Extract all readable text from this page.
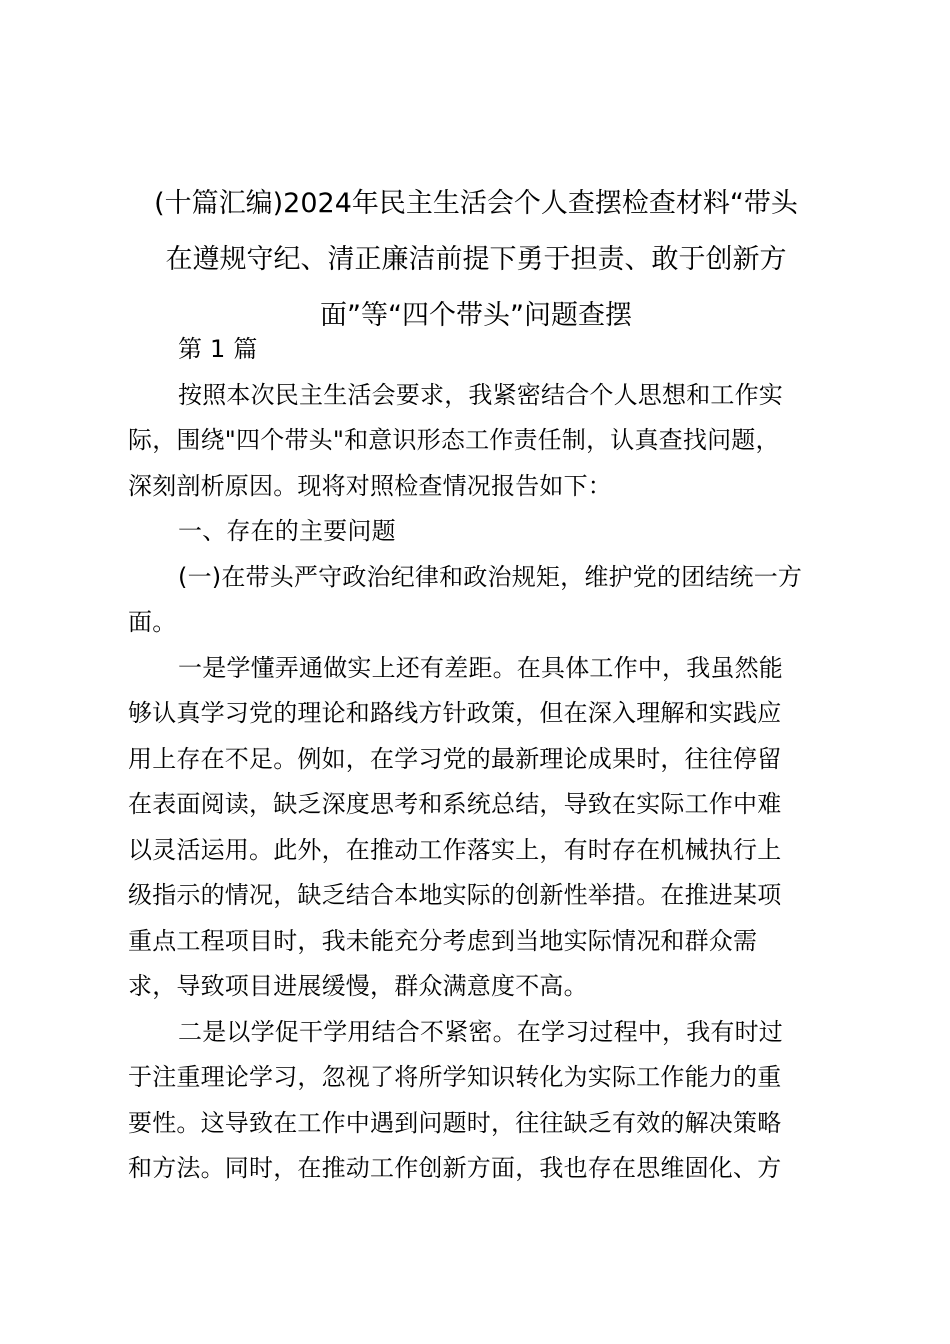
(十篇汇编)2024年民主生活会个人查摆检查材料“带头
在遵规守纪、清正廉洁前提下勇于担责、敢于创新方
面”等“四个带头”问题查摆
第 1 篇
按照本次民主生活会要求，我紧密结合个人思想和工作实
际，围绕"四个带头"和意识形态工作责任制，认真查找问题，
深刻剖析原因。现将对照检查情况报告如下：
一、存在的主要问题
(一)在带头严守政治纪律和政治规矩，维护党的团结统一方
面。
一是学懂弄通做实上还有差距。在具体工作中，我虽然能
够认真学习党的理论和路线方针政策，但在深入理解和实践应
用上存在不足。例如，在学习党的最新理论成果时，往往停留
在表面阅读，缺乏深度思考和系统总结，导致在实际工作中难
以灵活运用。此外，在推动工作落实上，有时存在机械执行上
级指示的情况，缺乏结合本地实际的创新性举措。在推进某项
重点工程项目时，我未能充分考虑到当地实际情况和群众需
求，导致项目进展缓慢，群众满意度不高。
二是以学促干学用结合不紧密。在学习过程中，我有时过
于注重理论学习，忽视了将所学知识转化为实际工作能力的重
要性。这导致在工作中遇到问题时，往往缺乏有效的解决策略
和方法。同时，在推动工作创新方面，我也存在思维固化、方
